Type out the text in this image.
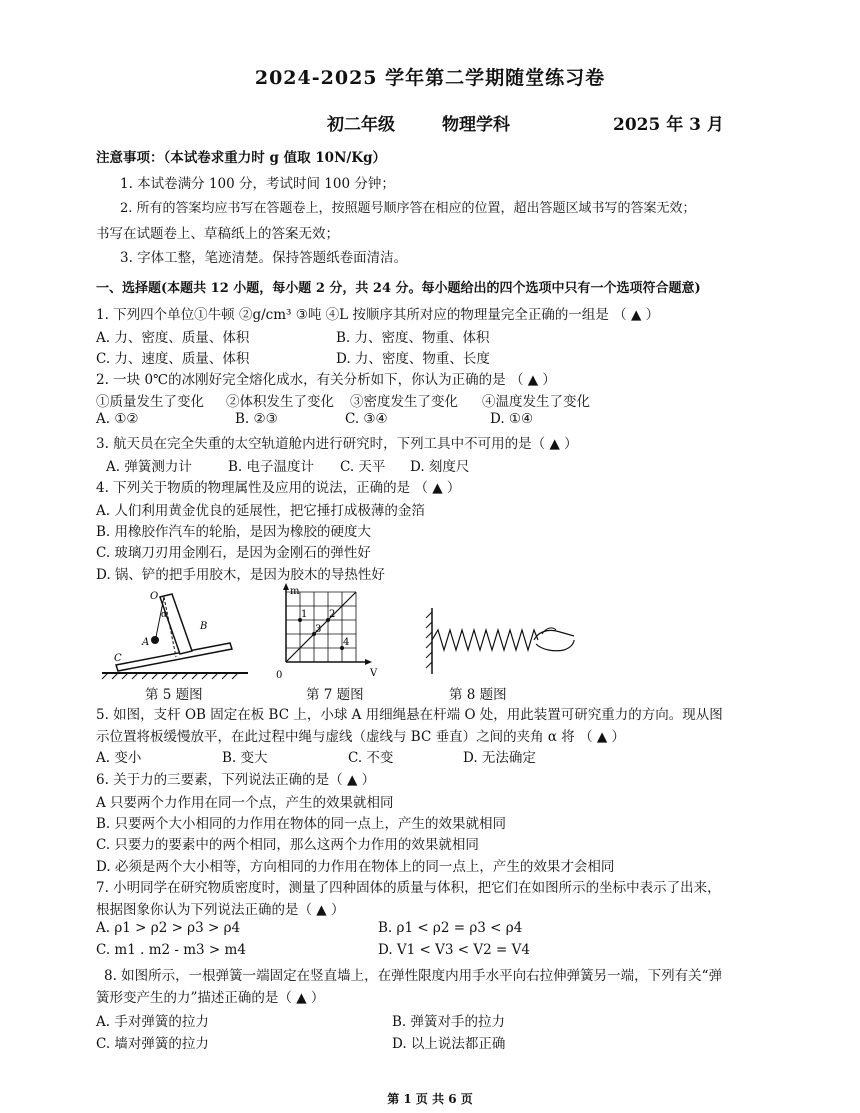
2024-2025 学年第二学期随堂练习卷
初二年级	物理学科	2025 年 3 月
注意事项：（本试卷求重力时 g 值取 10N/Kg）
1. 本试卷满分 100 分，考试时间 100 分钟；
2. 所有的答案均应书写在答题卷上，按照题号顺序答在相应的位置，超出答题区域书写的答案无效；
书写在试题卷上、草稿纸上的答案无效；
3. 字体工整，笔迹清楚。保持答题纸卷面清洁。
一、选择题(本题共 12 小题，每小题 2 分，共 24 分。每小题给出的四个选项中只有一个选项符合题意)
1. 下列四个单位①牛顿 ②g/cm³ ③吨 ④L 按顺序其所对应的物理量完全正确的一组是 （ ▲ ）
A. 力、密度、质量、体积	B. 力、密度、物重、体积
C. 力、速度、质量、体积	D. 力、密度、物重、长度
2. 一块 0℃的冰刚好完全熔化成水，有关分析如下，你认为正确的是 （ ▲ ）
①质量发生了变化 ②体积发生了变化 ③密度发生了变化 ④温度发生了变化
A. ①②	B. ②③	C. ③④	D. ①④
3. 航天员在完全失重的太空轨道舱内进行研究时，下列工具中不可用的是（ ▲ ）
A. 弹簧测力计	B. 电子温度计 C. 天平 D. 刻度尺
4. 下列关于物质的物理属性及应用的说法，正确的是 （ ▲ ）
A. 人们利用黄金优良的延展性，把它捶打成极薄的金箔
B. 用橡胶作汽车的轮胎，是因为橡胶的硬度大
C. 玻璃刀刃用金刚石，是因为金刚石的弹性好
D. 锅、铲的把手用胶木，是因为胶木的导热性好
O
A
B
C
α
第 5 题图
m
V
0
1 2
3
4
第 7 题图	第 8 题图
5. 如图，支杆 OB 固定在板 BC 上，小球 A 用细绳悬在杆端 O 处，用此装置可研究重力的方向。现从图
示位置将板缓慢放平，在此过程中绳与虚线（虚线与 BC 垂直）之间的夹角 α 将 （ ▲ ）
A. 变小	B. 变大	C. 不变	D. 无法确定
6. 关于力的三要素，下列说法正确的是（ ▲ ）
A 只要两个力作用在同一个点，产生的效果就相同
B. 只要两个大小相同的力作用在物体的同一点上，产生的效果就相同
C. 只要力的要素中的两个相同，那么这两个力作用的效果就相同
D. 必须是两个大小相等，方向相同的力作用在物体上的同一点上，产生的效果才会相同
7. 小明同学在研究物质密度时，测量了四种固体的质量与体积，把它们在如图所示的坐标中表示了出来，
根据图象你认为下列说法正确的是（ ▲ ）
A. ρ1 > ρ2 > ρ3 > ρ4	B. ρ1 < ρ2 = ρ3 < ρ4
C. m1 . m2 - m3 > m4	D. V1 < V3 < V2 = V4
8. 如图所示，一根弹簧一端固定在竖直墙上，在弹性限度内用手水平向右拉伸弹簧另一端，下列有关“弹
簧形变产生的力”描述正确的是（ ▲ ）
A. 手对弹簧的拉力	B. 弹簧对手的拉力
C. 墙对弹簧的拉力	D. 以上说法都正确
第 1 页 共 6 页
